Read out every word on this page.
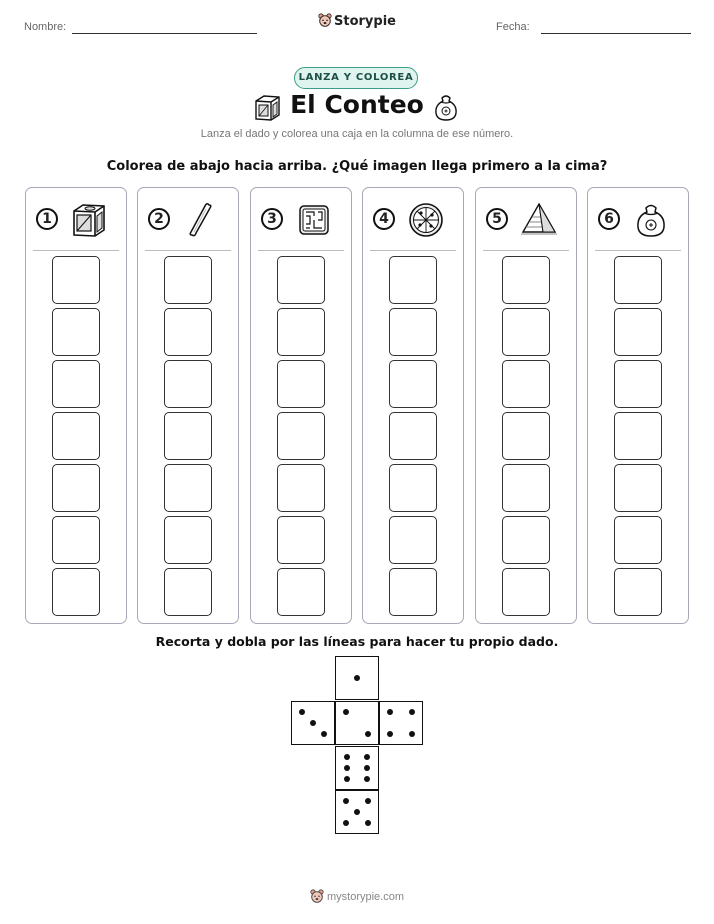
Nombre:	Storypie	Fecha:
LANZA Y COLOREA
El Conteo
Lanza el dado y colorea una caja en la columna de ese número.
Colorea de abajo hacia arriba. ¿Qué imagen llega primero a la cima?
1	2	3	4	5	6
Recorta y dobla por las líneas para hacer tu propio dado.
mystorypie.com
